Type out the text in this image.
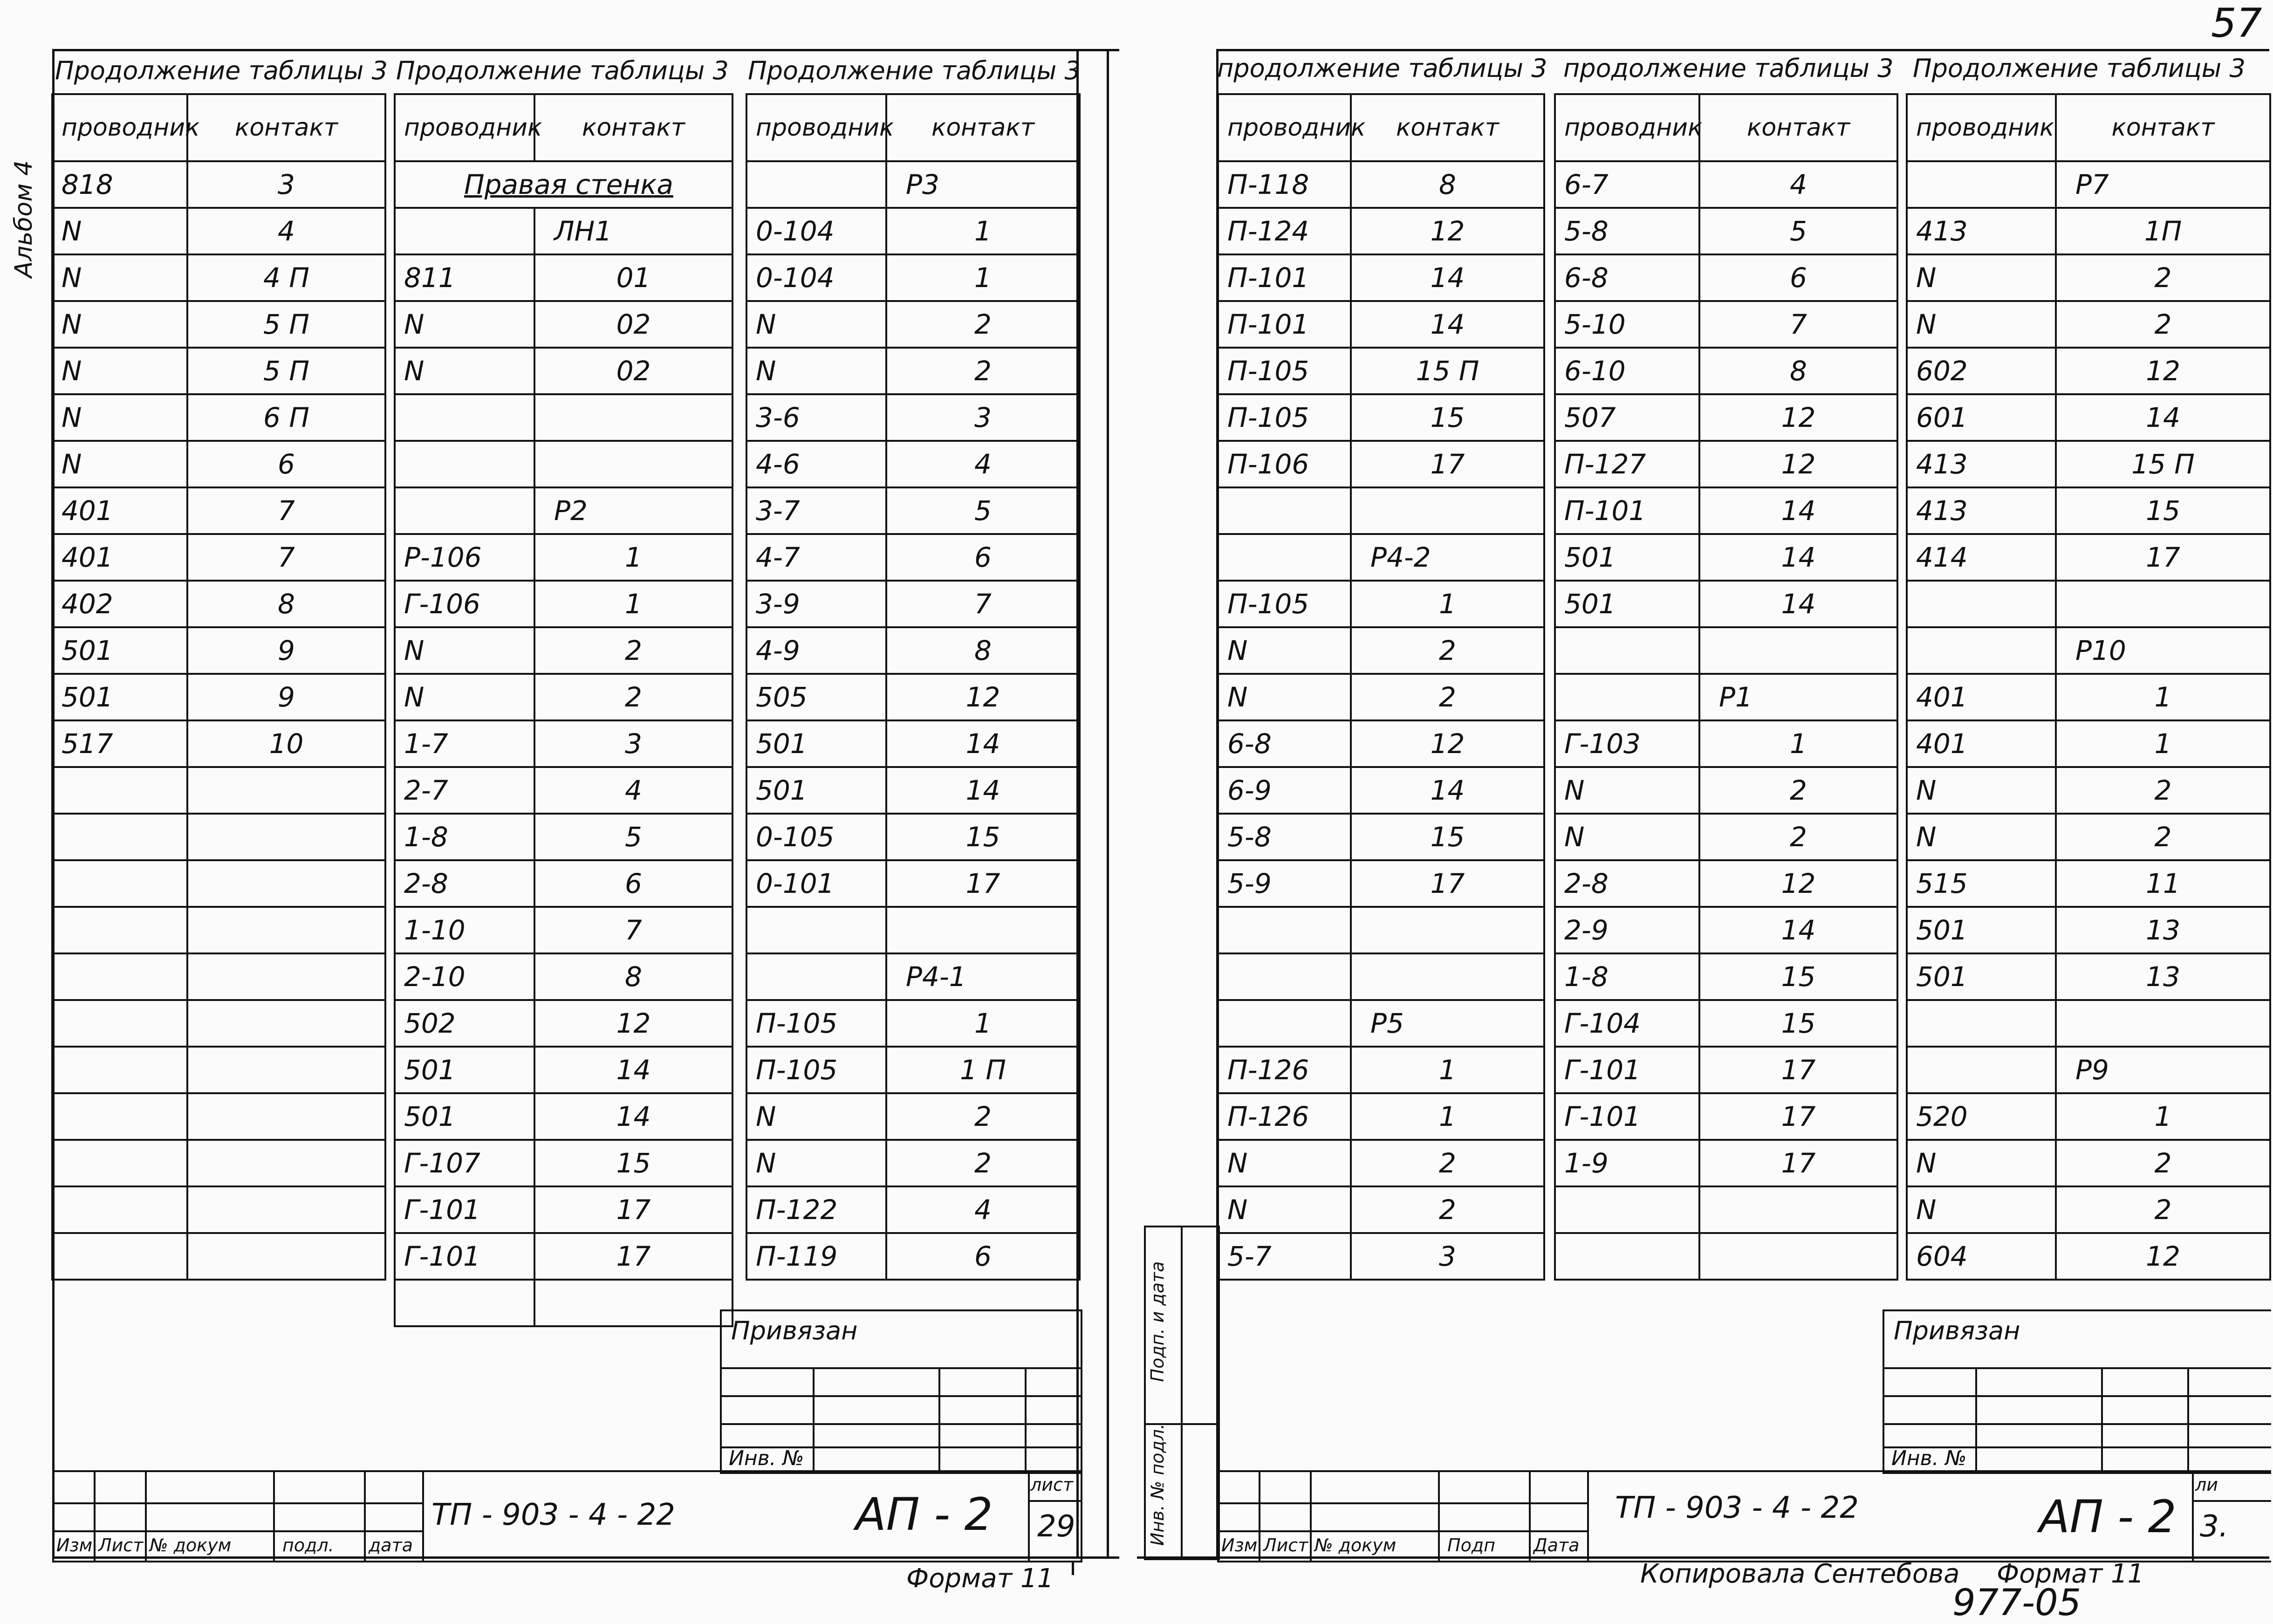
57
Альбом 4
Подп. и дата
Инв. № подл.
Продолжение таблицы 3 Продолжение таблицы 3 Продолжение таблицы 3	продолжение таблицы 3 продолжение таблицы 3 Продолжение таблицы 3
проводник	контакт
818	3
N	4
N	4 П
N	5 П
N	5 П
N	6 П
N	6
401	7
401	7
402	8
501	9
501	9
517	10

проводник	контакт
Правая стенка	
	ЛН1
811	01
N	02
N	02

	Р2
Р-106	1
Г-106	1
N	2
N	2
1-7	3
2-7	4
1-8	5
2-8	6
1-10	7
2-10	8
502	12
501	14
501	14
Г-107	15
Г-101	17
Г-101	17

проводник	контакт
	Р3
0-104	1
0-104	1
N	2
N	2
3-6	3
4-6	4
3-7	5
4-7	6
3-9	7
4-9	8
505	12
501	14
501	14
0-105	15
0-101	17

	Р4-1
П-105	1
П-105	1 П
N	2
N	2
П-122	4
П-119	6
проводник	контакт
П-118	8
П-124	12
П-101	14
П-101	14
П-105	15 П
П-105	15
П-106	17

	Р4-2
П-105	1
N	2
N	2
6-8	12
6-9	14
5-8	15
5-9	17

	Р5
П-126	1
П-126	1
N	2
N	2
5-7	3
проводник	контакт
6-7	4
5-8	5
6-8	6
5-10	7
6-10	8
507	12
П-127	12
П-101	14
501	14
501	14

	Р1
Г-103	1
N	2
N	2
2-8	12
2-9	14
1-8	15
Г-104	15
Г-101	17
Г-101	17
1-9	17

проводник	контакт
	Р7
413	1П
N	2
N	2
602	12
601	14
413	15 П
413	15
414	17

	Р10
401	1
401	1
N	2
N	2
515	11
501	13
501	13

	Р9
520	1
N	2
N	2
604	12
Привязан
Инв. №
Изм Лист № докум	подл. дата
ТП - 903 - 4 - 22	АП - 2
лист
29
Формат 11
Привязан
Инв. №
Изм Лист № докум	Подп Дата
ТП - 903 - 4 - 22	АП - 2
ли
3.
Копировала Сентебова Формат 11
977-05
